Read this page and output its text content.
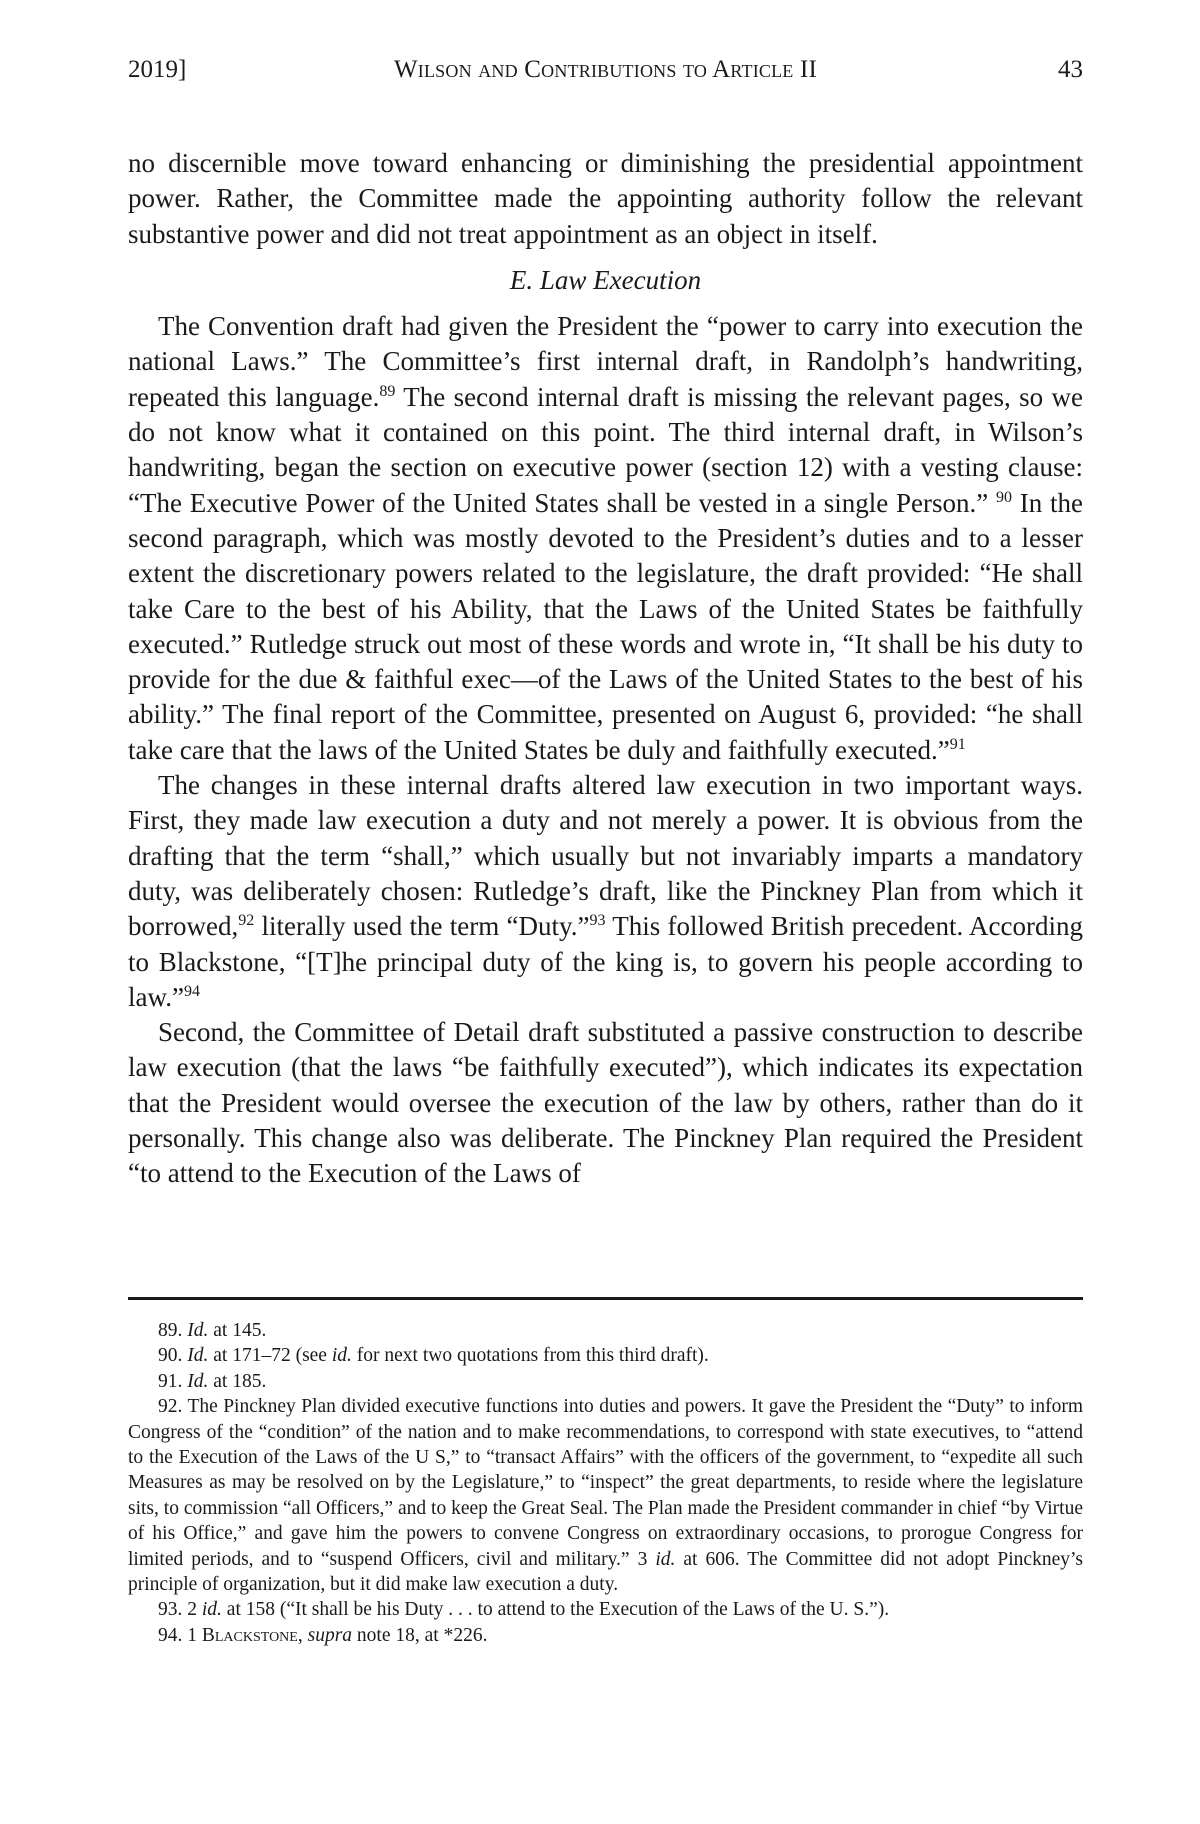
2019]	Wilson and Contributions to Article II	43

no discernible move toward enhancing or diminishing the presidential appointment power. Rather, the Committee made the appointing authority follow the relevant substantive power and did not treat appointment as an object in itself.

E. Law Execution

The Convention draft had given the President the “power to carry into execution the national Laws.” The Committee’s first internal draft, in Randolph’s handwriting, repeated this language.$^{89}$ The second internal draft is missing the relevant pages, so we do not know what it contained on this point. The third internal draft, in Wilson’s handwriting, began the section on executive power (section 12) with a vesting clause: “The Executive Power of the United States shall be vested in a single Person.” $^{90}$ In the second paragraph, which was mostly devoted to the President’s duties and to a lesser extent the discretionary powers related to the legislature, the draft provided: “He shall take Care to the best of his Ability, that the Laws of the United States be faithfully executed.” Rutledge struck out most of these words and wrote in, “It shall be his duty to provide for the due & faithful exec—of the Laws of the United States to the best of his ability.” The final report of the Committee, presented on August 6, provided: “he shall take care that the laws of the United States be duly and faithfully executed.”$^{91}$

The changes in these internal drafts altered law execution in two important ways. First, they made law execution a duty and not merely a power. It is obvious from the drafting that the term “shall,” which usually but not invariably imparts a mandatory duty, was deliberately chosen: Rutledge’s draft, like the Pinckney Plan from which it borrowed,$^{92}$ literally used the term “Duty.”$^{93}$ This followed British precedent. According to Blackstone, “[T]he principal duty of the king is, to govern his people according to law.”$^{94}$

Second, the Committee of Detail draft substituted a passive construction to describe law execution (that the laws “be faithfully executed”), which indicates its expectation that the President would oversee the execution of the law by others, rather than do it personally. This change also was deliberate. The Pinckney Plan required the President “to attend to the Execution of the Laws of

89. Id. at 145.

90. Id. at 171–72 (see id. for next two quotations from this third draft).

91. Id. at 185.

92. The Pinckney Plan divided executive functions into duties and powers. It gave the President the “Duty” to inform Congress of the “condition” of the nation and to make recommendations, to correspond with state executives, to “attend to the Execution of the Laws of the U S,” to “transact Affairs” with the officers of the government, to “expedite all such Measures as may be resolved on by the Legislature,” to “inspect” the great departments, to reside where the legislature sits, to commission “all Officers,” and to keep the Great Seal. The Plan made the President commander in chief “by Virtue of his Office,” and gave him the powers to convene Congress on extraordinary occasions, to prorogue Congress for limited periods, and to “suspend Officers, civil and military.” 3 id. at 606. The Committee did not adopt Pinckney’s principle of organization, but it did make law execution a duty.

93. 2 id. at 158 (“It shall be his Duty . . . to attend to the Execution of the Laws of the U. S.”).

94. 1 Blackstone, supra note 18, at *226.
